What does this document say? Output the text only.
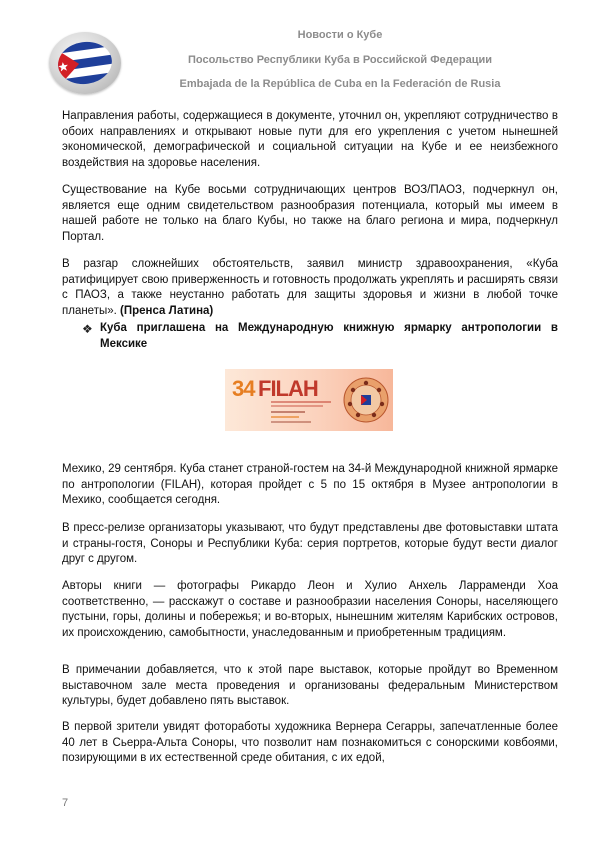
Новости о Кубе
Посольство Республики Куба в Российской Федерации
Embajada de la República de Cuba en la Federación de Rusia

Направления работы, содержащиеся в документе, уточнил он, укрепляют сотрудничество в обоих направлениях и открывают новые пути для его укрепления с учетом нынешней экономической, демографической и социальной ситуации на Кубе и ее неизбежного воздействия на здоровье населения.

Существование на Кубе восьми сотрудничающих центров ВОЗ/ПАОЗ, подчеркнул он, является еще одним свидетельством разнообразия потенциала, который мы имеем в нашей работе не только на благо Кубы, но также на благо региона и мира, подчеркнул Портал.

В разгар сложнейших обстоятельств, заявил министр здравоохранения, «Куба ратифицирует свою приверженность и готовность продолжать укреплять и расширять связи с ПАОЗ, а также неустанно работать для защиты здоровья и жизни в любой точке планеты». (Пренса Латина)

❖ Куба приглашена на Международную книжную ярмарку антропологии в Мексике

34 FILAH

Мехико, 29 сентября. Куба станет страной-гостем на 34-й Международной книжной ярмарке по антропологии (FILAH), которая пройдет с 5 по 15 октября в Музее антропологии в Мехико, сообщается сегодня.

В пресс-релизе организаторы указывают, что будут представлены две фотовыставки штата и страны-гостя, Соноры и Республики Куба: серия портретов, которые будут вести диалог друг с другом.

Авторы книги — фотографы Рикардо Леон и Хулио Анхель Ларраменди Хоа соответственно, — расскажут о составе и разнообразии населения Соноры, населяющего пустыни, горы, долины и побережья; и во-вторых, нынешним жителям Карибских островов, их происхождению, самобытности, унаследованным и приобретенным традициям.

В примечании добавляется, что к этой паре выставок, которые пройдут во Временном выставочном зале места проведения и организованы федеральным Министерством культуры, будет добавлено пять выставок.

В первой зрители увидят фотоработы художника Вернера Сегарры, запечатленные более 40 лет в Сьерра-Альта Соноры, что позволит нам познакомиться с сонорскими ковбоями, позирующими в их естественной среде обитания, с их едой,

7
